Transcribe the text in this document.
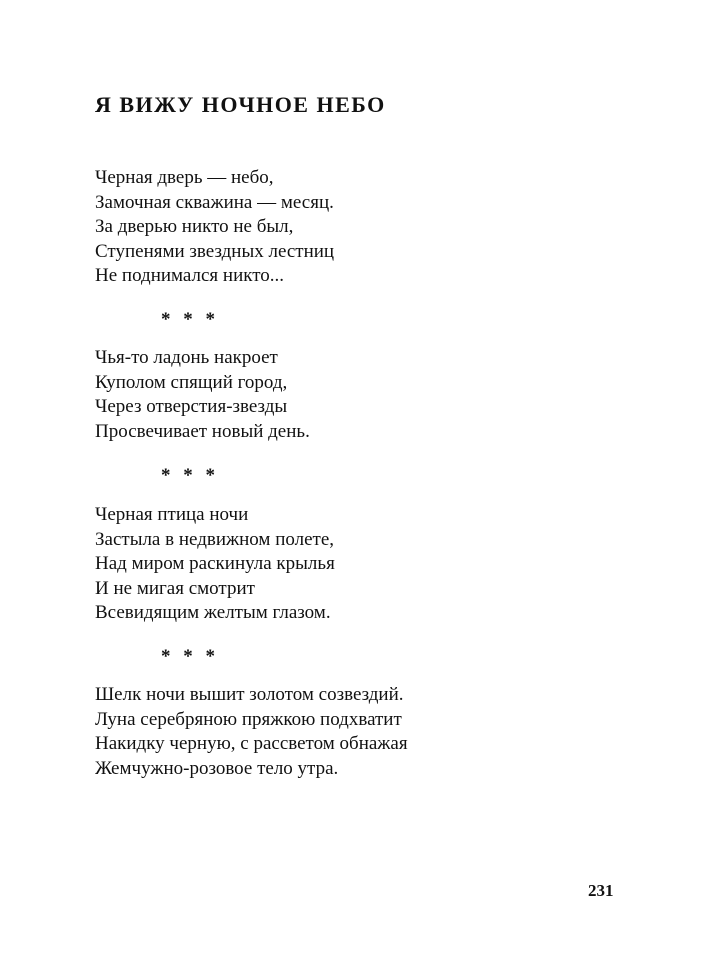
Я ВИЖУ НОЧНОЕ НЕБО
Черная дверь — небо,
Замочная скважина — месяц.
За дверью никто не был,
Ступенями звездных лестниц
Не поднимался никто...
* * *
Чья-то ладонь накроет
Куполом спящий город,
Через отверстия-звезды
Просвечивает новый день.
* * *
Черная птица ночи
Застыла в недвижном полете,
Над миром раскинула крылья
И не мигая смотрит
Всевидящим желтым глазом.
* * *
Шелк ночи вышит золотом созвездий.
Луна серебряною пряжкою подхватит
Накидку черную, с рассветом обнажая
Жемчужно-розовое тело утра.
231
